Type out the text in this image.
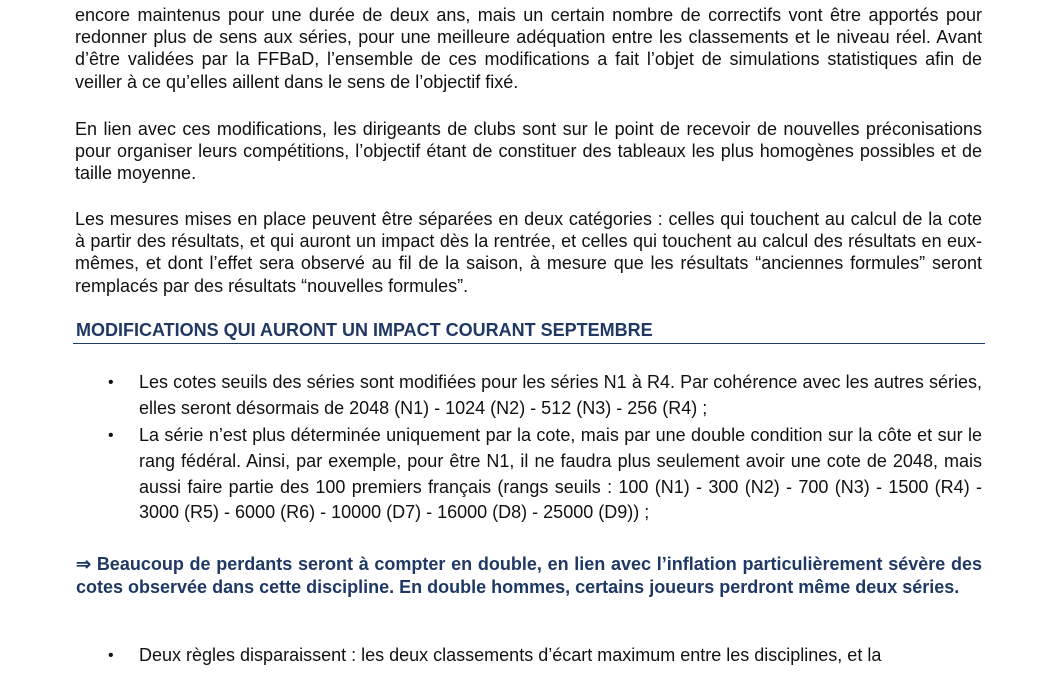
encore maintenus pour une durée de deux ans, mais un certain nombre de correctifs vont être apportés pour redonner plus de sens aux séries, pour une meilleure adéquation entre les classements et le niveau réel. Avant d’être validées par la FFBaD, l’ensemble de ces modifications a fait l’objet de simulations statistiques afin de veiller à ce qu’elles aillent dans le sens de l’objectif fixé.

En lien avec ces modifications, les dirigeants de clubs sont sur le point de recevoir de nouvelles préconisations pour organiser leurs compétitions, l’objectif étant de constituer des tableaux les plus homogènes possibles et de taille moyenne.

Les mesures mises en place peuvent être séparées en deux catégories : celles qui touchent au calcul de la cote à partir des résultats, et qui auront un impact dès la rentrée, et celles qui touchent au calcul des résultats en eux-mêmes, et dont l’effet sera observé au fil de la saison, à mesure que les résultats “anciennes formules” seront remplacés par des résultats “nouvelles formules”.

MODIFICATIONS QUI AURONT UN IMPACT COURANT SEPTEMBRE
• Les cotes seuils des séries sont modifiées pour les séries N1 à R4. Par cohérence avec les autres séries, elles seront désormais de 2048 (N1) - 1024 (N2) - 512 (N3) - 256 (R4) ;

• La série n’est plus déterminée uniquement par la cote, mais par une double condition sur la côte et sur le rang fédéral. Ainsi, par exemple, pour être N1, il ne faudra plus seulement avoir une cote de 2048, mais aussi faire partie des 100 premiers français (rangs seuils : 100 (N1) - 300 (N2) - 700 (N3) - 1500 (R4) - 3000 (R5) - 6000 (R6) - 10000 (D7) - 16000 (D8) - 25000 (D9)) ;

⇒ Beaucoup de perdants seront à compter en double, en lien avec l’inflation particulièrement sévère des cotes observée dans cette discipline. En double hommes, certains joueurs perdront même deux séries.

• Deux règles disparaissent : les deux classements d’écart maximum entre les disciplines, et la
